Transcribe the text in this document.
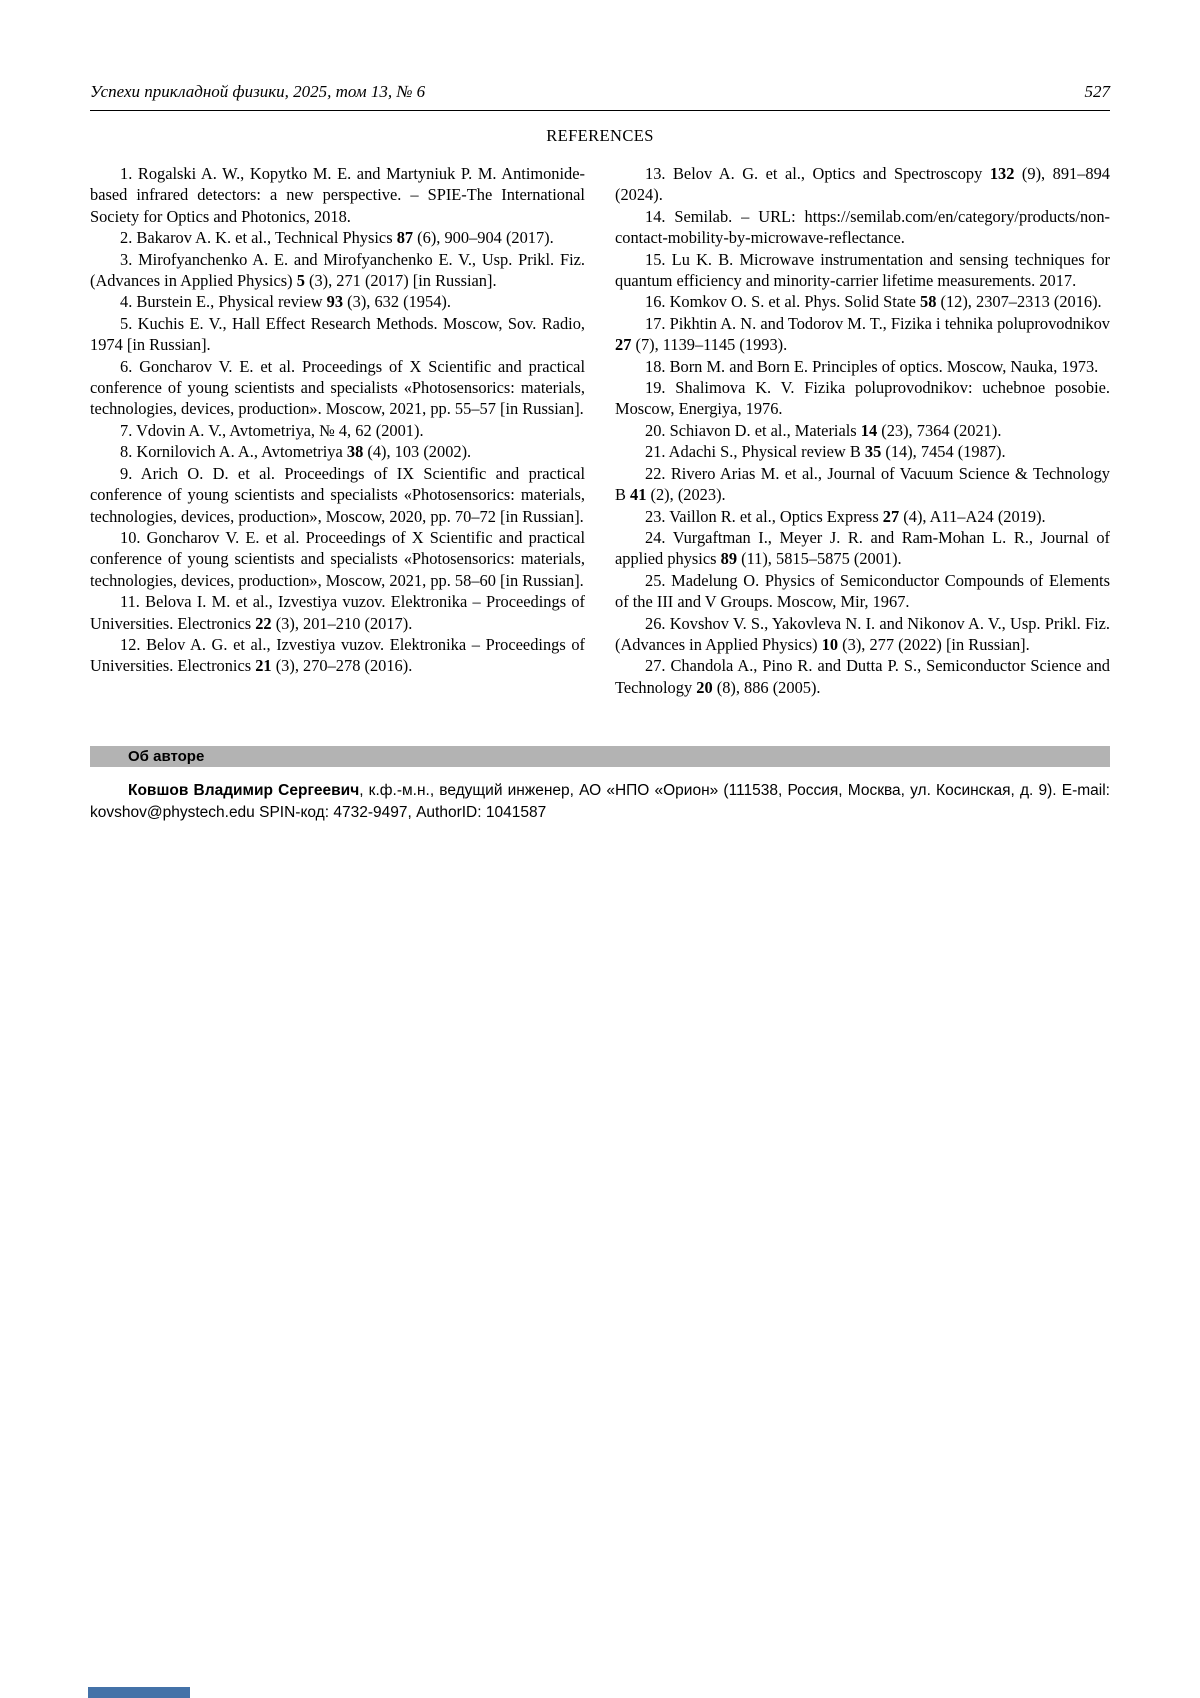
Успехи прикладной физики, 2025, том 13, № 6	527
REFERENCES

1. Rogalski A. W., Kopytko M. E. and Martyniuk P. M. Antimonide-based infrared detectors: a new perspective. – SPIE-The International Society for Optics and Photonics, 2018.

2. Bakarov A. K. et al., Technical Physics 87 (6), 900–904 (2017).

3. Mirofyanchenko A. E. and Mirofyanchenko E. V., Usp. Prikl. Fiz. (Advances in Applied Physics) 5 (3), 271 (2017) [in Russian].

4. Burstein E., Physical review 93 (3), 632 (1954).

5. Kuchis E. V., Hall Effect Research Methods. Moscow, Sov. Radio, 1974 [in Russian].

6. Goncharov V. E. et al. Proceedings of X Scientific and practical conference of young scientists and specialists «Photosensorics: materials, technologies, devices, production». Moscow, 2021, pp. 55–57 [in Russian].

7. Vdovin A. V., Avtometriya, № 4, 62 (2001).

8. Kornilovich A. A., Avtometriya 38 (4), 103 (2002).

9. Arich O. D. et al. Proceedings of IX Scientific and practical conference of young scientists and specialists «Photosensorics: materials, technologies, devices, production», Moscow, 2020, pp. 70–72 [in Russian].

10. Goncharov V. E. et al. Proceedings of X Scientific and practical conference of young scientists and specialists «Photosensorics: materials, technologies, devices, production», Moscow, 2021, pp. 58–60 [in Russian].

11. Belova I. M. et al., Izvestiya vuzov. Elektronika – Proceedings of Universities. Electronics 22 (3), 201–210 (2017).

12. Belov A. G. et al., Izvestiya vuzov. Elektronika – Proceedings of Universities. Electronics 21 (3), 270–278 (2016).

13. Belov A. G. et al., Optics and Spectroscopy 132 (9), 891–894 (2024).

14. Semilab. – URL: https://semilab.com/en/category/products/non-contact-mobility-by-microwave-reflectance.

15. Lu K. B. Microwave instrumentation and sensing techniques for quantum efficiency and minority-carrier lifetime measurements. 2017.

16. Komkov O. S. et al. Phys. Solid State 58 (12), 2307–2313 (2016).

17. Pikhtin A. N. and Todorov M. T., Fizika i tehnika poluprovodnikov 27 (7), 1139–1145 (1993).

18. Born M. and Born E. Principles of optics. Moscow, Nauka, 1973.

19. Shalimova K. V. Fizika poluprovodnikov: uchebnoe posobie. Moscow, Energiya, 1976.

20. Schiavon D. et al., Materials 14 (23), 7364 (2021).

21. Adachi S., Physical review B 35 (14), 7454 (1987).

22. Rivero Arias M. et al., Journal of Vacuum Science & Technology B 41 (2), (2023).

23. Vaillon R. et al., Optics Express 27 (4), A11–A24 (2019).

24. Vurgaftman I., Meyer J. R. and Ram-Mohan L. R., Journal of applied physics 89 (11), 5815–5875 (2001).

25. Madelung O. Physics of Semiconductor Compounds of Elements of the III and V Groups. Moscow, Mir, 1967.

26. Kovshov V. S., Yakovleva N. I. and Nikonov A. V., Usp. Prikl. Fiz. (Advances in Applied Physics) 10 (3), 277 (2022) [in Russian].

27. Chandola A., Pino R. and Dutta P. S., Semiconductor Science and Technology 20 (8), 886 (2005).

Об авторе

Ковшов Владимир Сергеевич, к.ф.-м.н., ведущий инженер, АО «НПО «Орион» (111538, Россия, Москва, ул. Косинская, д. 9). E-mail: kovshov@phystech.edu SPIN-код: 4732-9497, AuthorID: 1041587
